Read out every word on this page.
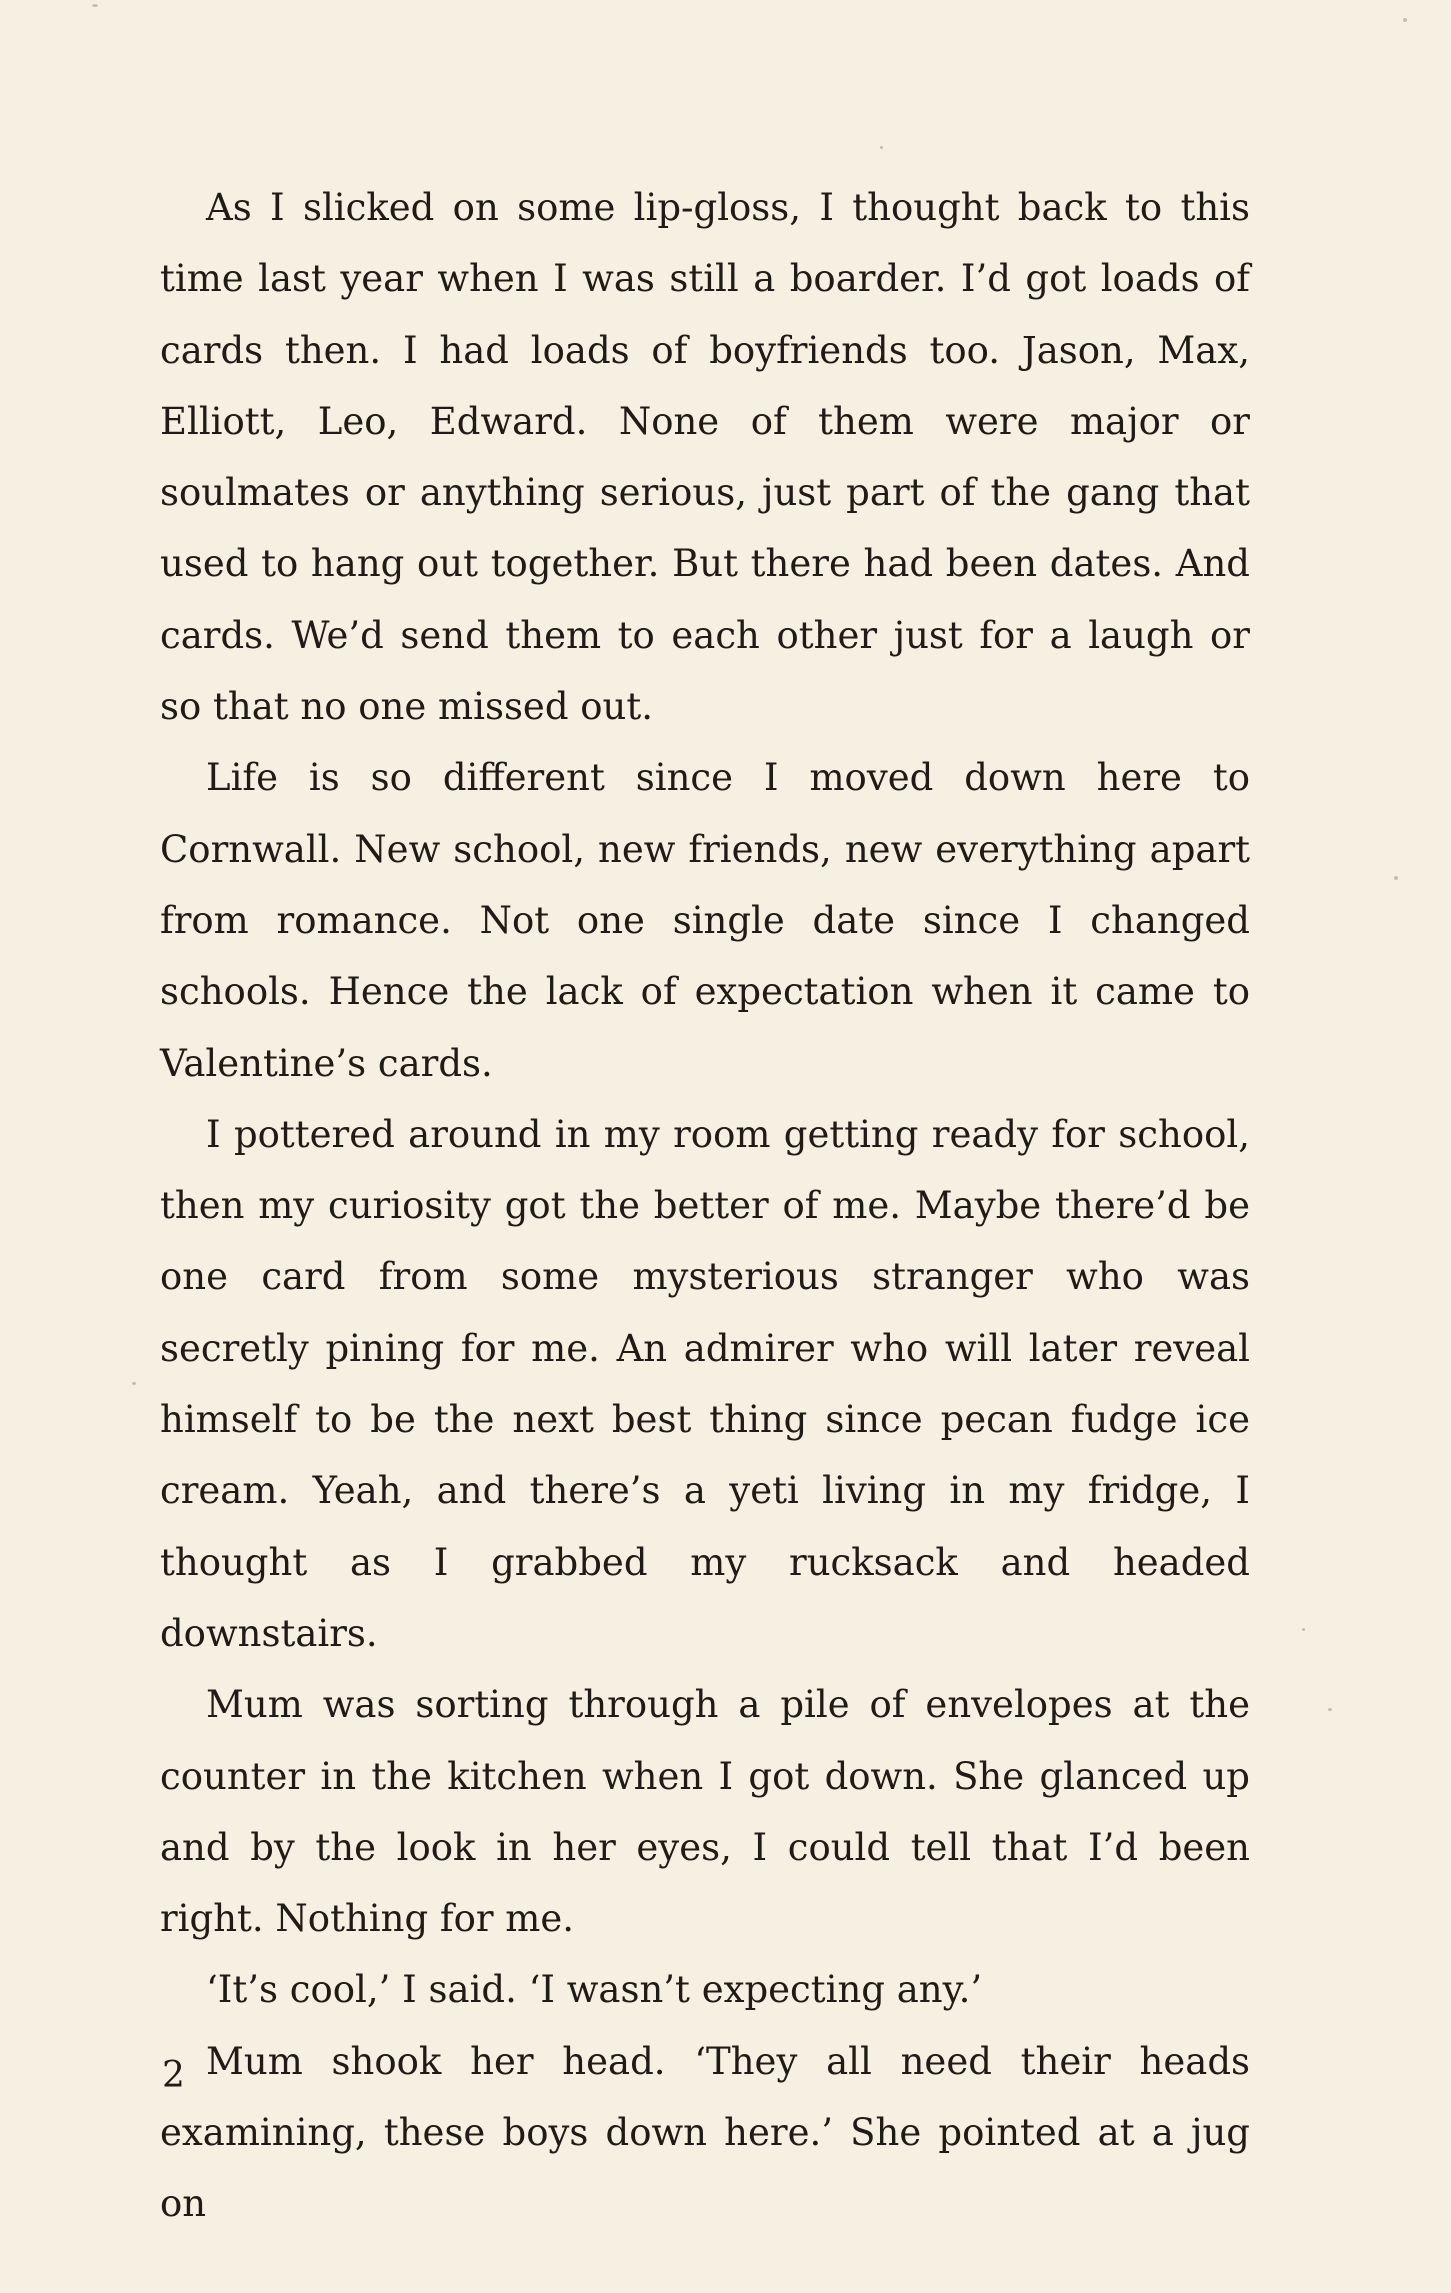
As I slicked on some lip-gloss, I thought back to this time last year when I was still a boarder. I’d got loads of cards then. I had loads of boyfriends too. Jason, Max, Elliott, Leo, Edward. None of them were major or soulmates or anything serious, just part of the gang that used to hang out together. But there had been dates. And cards. We’d send them to each other just for a laugh or so that no one missed out.

Life is so different since I moved down here to Cornwall. New school, new friends, new everything apart from romance. Not one single date since I changed schools. Hence the lack of expectation when it came to Valentine’s cards.

I pottered around in my room getting ready for school, then my curiosity got the better of me. Maybe there’d be one card from some mysterious stranger who was secretly pining for me. An admirer who will later reveal himself to be the next best thing since pecan fudge ice cream. Yeah, and there’s a yeti living in my fridge, I thought as I grabbed my rucksack and headed downstairs.

Mum was sorting through a pile of envelopes at the counter in the kitchen when I got down. She glanced up and by the look in her eyes, I could tell that I’d been right. Nothing for me.

‘It’s cool,’ I said. ‘I wasn’t expecting any.’

Mum shook her head. ‘They all need their heads examining, these boys down here.’ She pointed at a jug on

2
